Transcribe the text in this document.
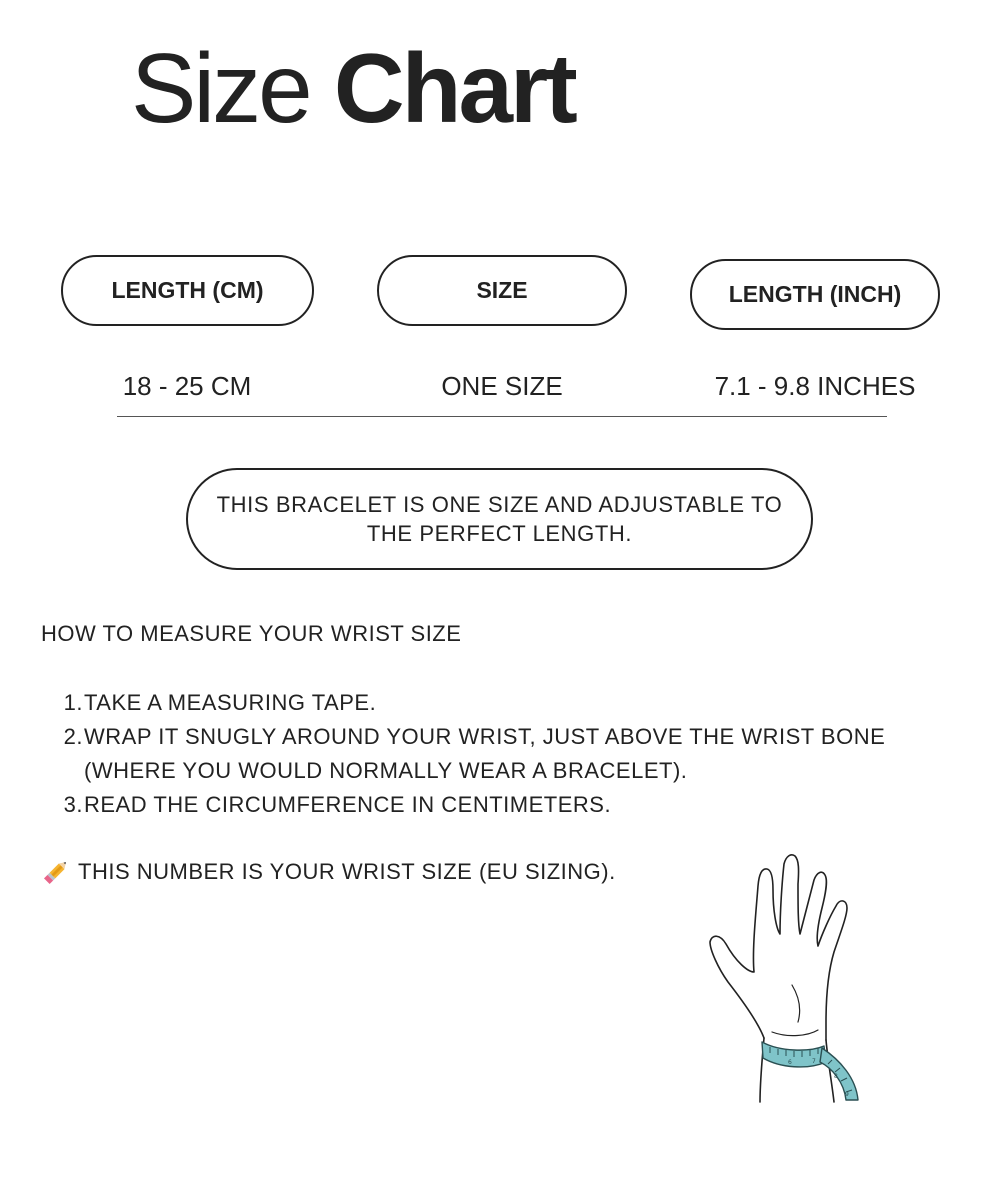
Size Chart
LENGTH (CM)	SIZE	LENGTH (INCH)
18 - 25 CM	ONE SIZE	7.1 - 9.8 INCHES
THIS BRACELET IS ONE SIZE AND ADJUSTABLE TO THE PERFECT LENGTH.

HOW TO MEASURE YOUR WRIST SIZE

1. TAKE A MEASURING TAPE.
2. WRAP IT SNUGLY AROUND YOUR WRIST, JUST ABOVE THE WRIST BONE (WHERE YOU WOULD NORMALLY WEAR A BRACELET).
3. READ THE CIRCUMFERENCE IN CENTIMETERS.

THIS NUMBER IS YOUR WRIST SIZE (EU SIZING).

6	7
8
9
